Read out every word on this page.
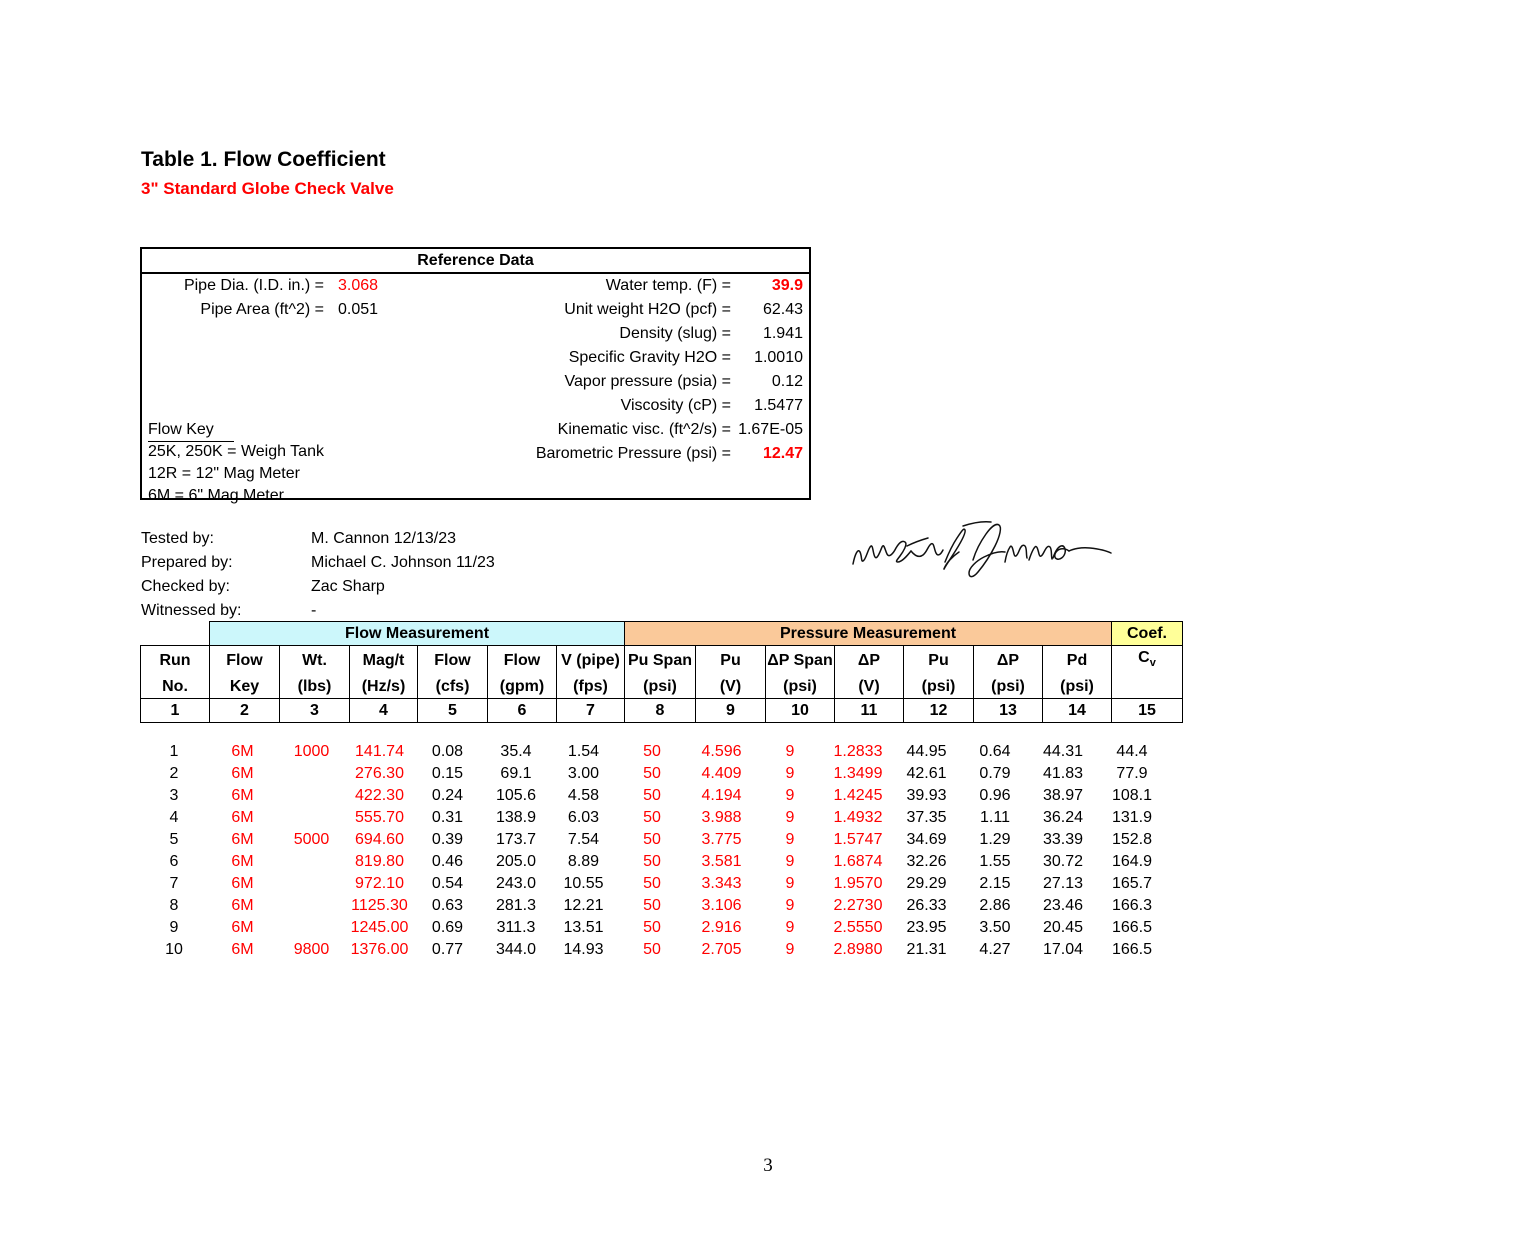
Table 1. Flow Coefficient
3" Standard Globe Check Valve
Reference Data
Pipe Dia. (I.D. in.) = 3.068
Pipe Area (ft^2) = 0.051
Water temp. (F) =	39.9
Unit weight H2O (pcf) = 62.43
Density (slug) = 1.941
Specific Gravity H2O = 1.0010
Vapor pressure (psia) =	0.12
Viscosity (cP) = 1.5477
Kinematic visc. (ft^2/s) = 1.67E-05
Barometric Pressure (psi) = 12.47
Flow Key
25K, 250K = Weigh Tank
12R = 12" Mag Meter
6M = 6" Mag Meter
Tested by:	M. Cannon 12/13/23
Prepared by:	Michael C. Johnson 11/23
Checked by:	Zac Sharp
Witnessed by:	-
	Flow Measurement						Pressure Measurement							Coef.
Run	Flow	Wt.	Mag/t	Flow	Flow	V (pipe)	Pu Span	Pu	ΔP Span	ΔP	Pu	ΔP	Pd	$C_v$
No.	Key	(lbs)	(Hz/s)	(cfs)	(gpm)	(fps)	(psi)	(V)	(psi)	(V)	(psi)	(psi)	(psi)	
1	2	3	4	5	6	7	8	9	10	11	12	13	14	15
1	6M	1000	141.74	0.08	35.4	1.54	50	4.596	9	1.2833	44.95	0.64	44.31	44.4
2	6M		276.30	0.15	69.1	3.00	50	4.409	9	1.3499	42.61	0.79	41.83	77.9
3	6M		422.30	0.24	105.6	4.58	50	4.194	9	1.4245	39.93	0.96	38.97	108.1
4	6M		555.70	0.31	138.9	6.03	50	3.988	9	1.4932	37.35	1.11	36.24	131.9
5	6M	5000	694.60	0.39	173.7	7.54	50	3.775	9	1.5747	34.69	1.29	33.39	152.8
6	6M		819.80	0.46	205.0	8.89	50	3.581	9	1.6874	32.26	1.55	30.72	164.9
7	6M		972.10	0.54	243.0	10.55	50	3.343	9	1.9570	29.29	2.15	27.13	165.7
8	6M		1125.30	0.63	281.3	12.21	50	3.106	9	2.2730	26.33	2.86	23.46	166.3
9	6M		1245.00	0.69	311.3	13.51	50	2.916	9	2.5550	23.95	3.50	20.45	166.5
10	6M	9800	1376.00	0.77	344.0	14.93	50	2.705	9	2.8980	21.31	4.27	17.04	166.5
3
